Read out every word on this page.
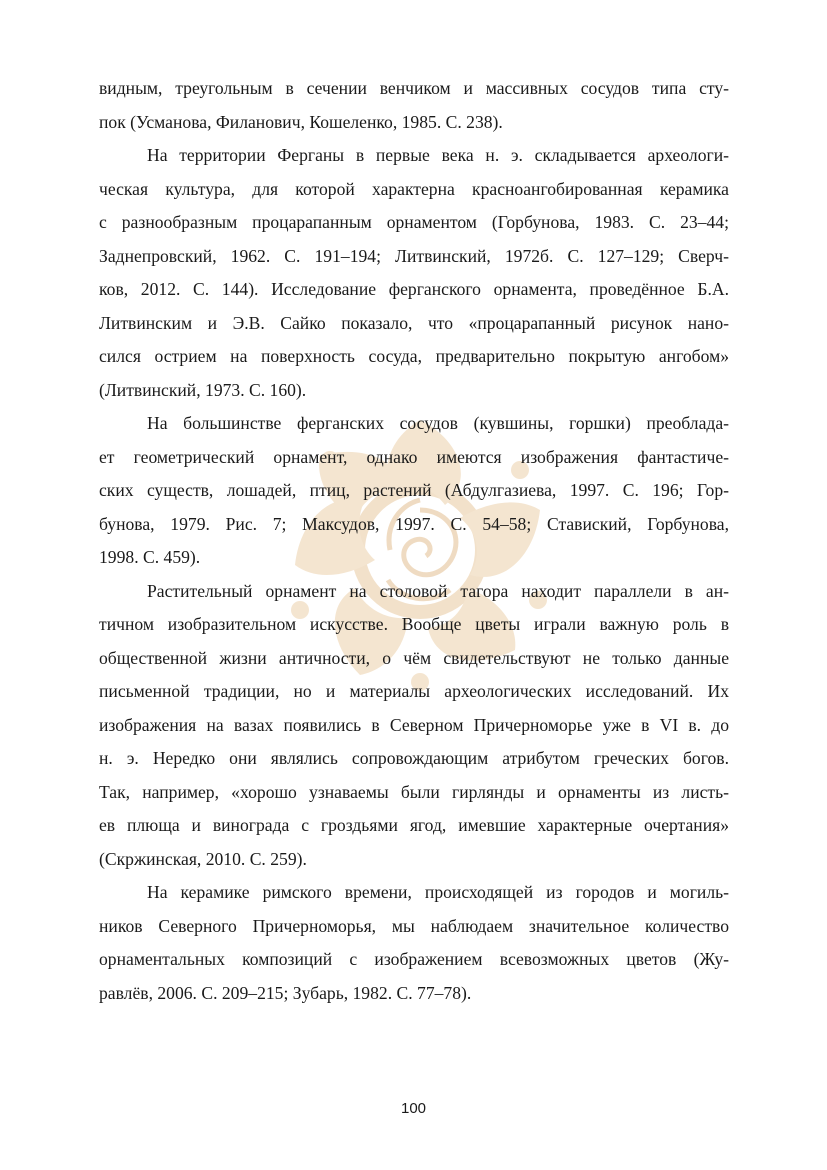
видным, треугольным в сечении венчиком и массивных сосудов типа сту-
пок (Усманова, Филанович, Кошеленко, 1985. С. 238).
На территории Ферганы в первые века н. э. складывается археологи-
ческая культура, для которой характерна красноангобированная керамика
с разнообразным процарапанным орнаментом (Горбунова, 1983. С. 23–44;
Заднепровский, 1962. С. 191–194; Литвинский, 1972б. С. 127–129; Сверч-
ков, 2012. С. 144). Исследование ферганского орнамента, проведённое Б.А.
Литвинским и Э.В. Сайко показало, что «процарапанный рисунок нано-
сился острием на поверхность сосуда, предварительно покрытую ангобом»
(Литвинский, 1973. С. 160).
На большинстве ферганских сосудов (кувшины, горшки) преоблада-
ет геометрический орнамент, однако имеются изображения фантастиче-
ских существ, лошадей, птиц, растений (Абдулгазиева, 1997. С. 196; Гор-
бунова, 1979. Рис. 7; Максудов, 1997. С. 54–58; Ставиский, Горбунова,
1998. С. 459).
Растительный орнамент на столовой тагора находит параллели в ан-
тичном изобразительном искусстве. Вообще цветы играли важную роль в
общественной жизни античности, о чём свидетельствуют не только данные
письменной традиции, но и материалы археологических исследований. Их
изображения на вазах появились в Северном Причерноморье уже в VI в. до
н. э. Нередко они являлись сопровождающим атрибутом греческих богов.
Так, например, «хорошо узнаваемы были гирлянды и орнаменты из листь-
ев плюща и винограда с гроздьями ягод, имевшие характерные очертания»
(Скржинская, 2010. С. 259).
На керамике римского времени, происходящей из городов и могиль-
ников Северного Причерноморья, мы наблюдаем значительное количество
орнаментальных композиций с изображением всевозможных цветов (Жу-
равлёв, 2006. С. 209–215; Зубарь, 1982. С. 77–78).
100
